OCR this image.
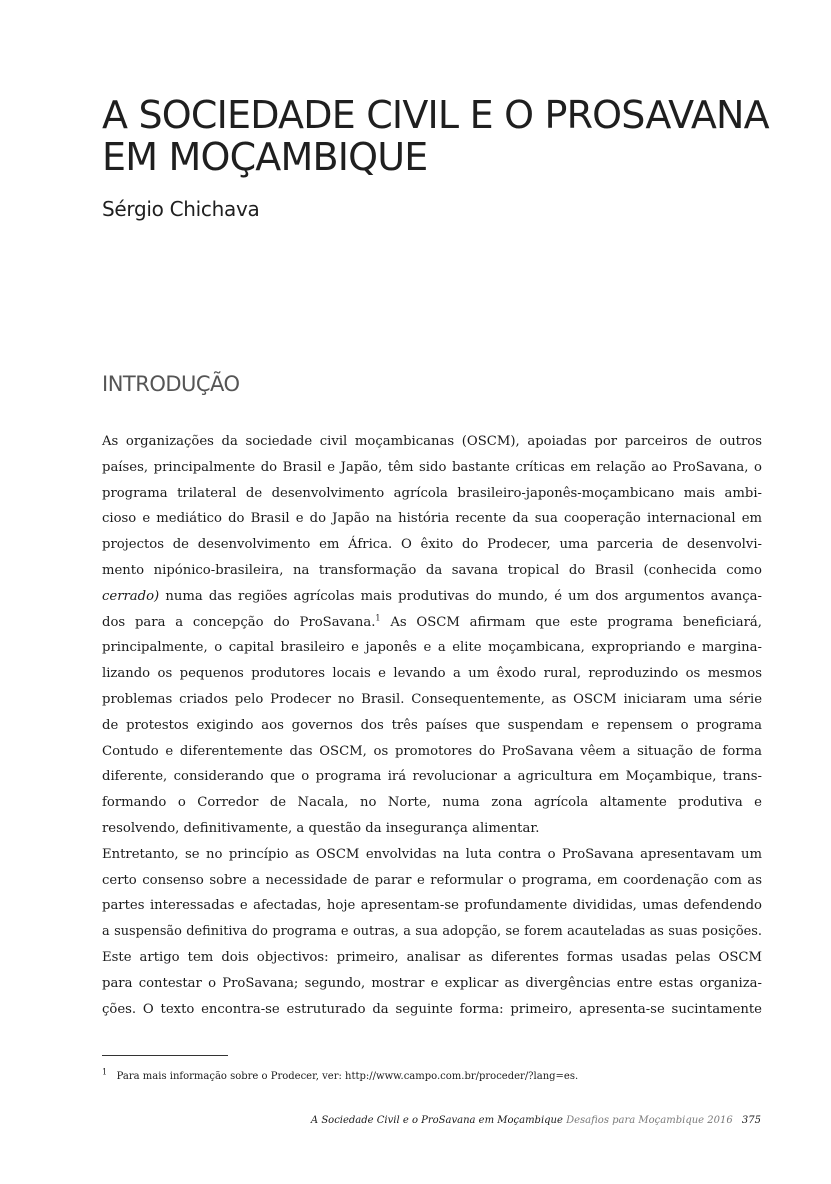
A SOCIEDADE CIVIL E O PROSAVANA
EM MOÇAMBIQUE

Sérgio Chichava

INTRODUÇÃO
As organizações da sociedade civil moçambicanas (OSCM), apoiadas por parceiros de outros
países, principalmente do Brasil e Japão, têm sido bastante críticas em relação ao ProSavana, o
programa trilateral de desenvolvimento agrícola brasileiro-japonês-moçambicano mais ambi-
cioso e mediático do Brasil e do Japão na história recente da sua cooperação internacional em
projectos de desenvolvimento em África. O êxito do Prodecer, uma parceria de desenvolvi-
mento nipónico-brasileira, na transformação da savana tropical do Brasil (conhecida como
cerrado) numa das regiões agrícolas mais produtivas do mundo, é um dos argumentos avança-
dos para a concepção do ProSavana.$^1$ As OSCM afirmam que este programa beneficiará,
principalmente, o capital brasileiro e japonês e a elite moçambicana, expropriando e margina-
lizando os pequenos produtores locais e levando a um êxodo rural, reproduzindo os mesmos
problemas criados pelo Prodecer no Brasil. Consequentemente, as OSCM iniciaram uma série
de protestos exigindo aos governos dos três países que suspendam e repensem o programa
Contudo e diferentemente das OSCM, os promotores do ProSavana vêem a situação de forma
diferente, considerando que o programa irá revolucionar a agricultura em Moçambique, trans-
formando o Corredor de Nacala, no Norte, numa zona agrícola altamente produtiva e
resolvendo, definitivamente, a questão da insegurança alimentar.
Entretanto, se no princípio as OSCM envolvidas na luta contra o ProSavana apresentavam um
certo consenso sobre a necessidade de parar e reformular o programa, em coordenação com as
partes interessadas e afectadas, hoje apresentam-se profundamente divididas, umas defendendo
a suspensão definitiva do programa e outras, a sua adopção, se forem acauteladas as suas posições.
Este artigo tem dois objectivos: primeiro, analisar as diferentes formas usadas pelas OSCM
para contestar o ProSavana; segundo, mostrar e explicar as divergências entre estas organiza-
ções. O texto encontra-se estruturado da seguinte forma: primeiro, apresenta-se sucintamente
$^1$ Para mais informação sobre o Prodecer, ver: http://www.campo.com.br/proceder/?lang=es.
A Sociedade Civil e o ProSavana em Moçambique Desafios para Moçambique 2016 375
